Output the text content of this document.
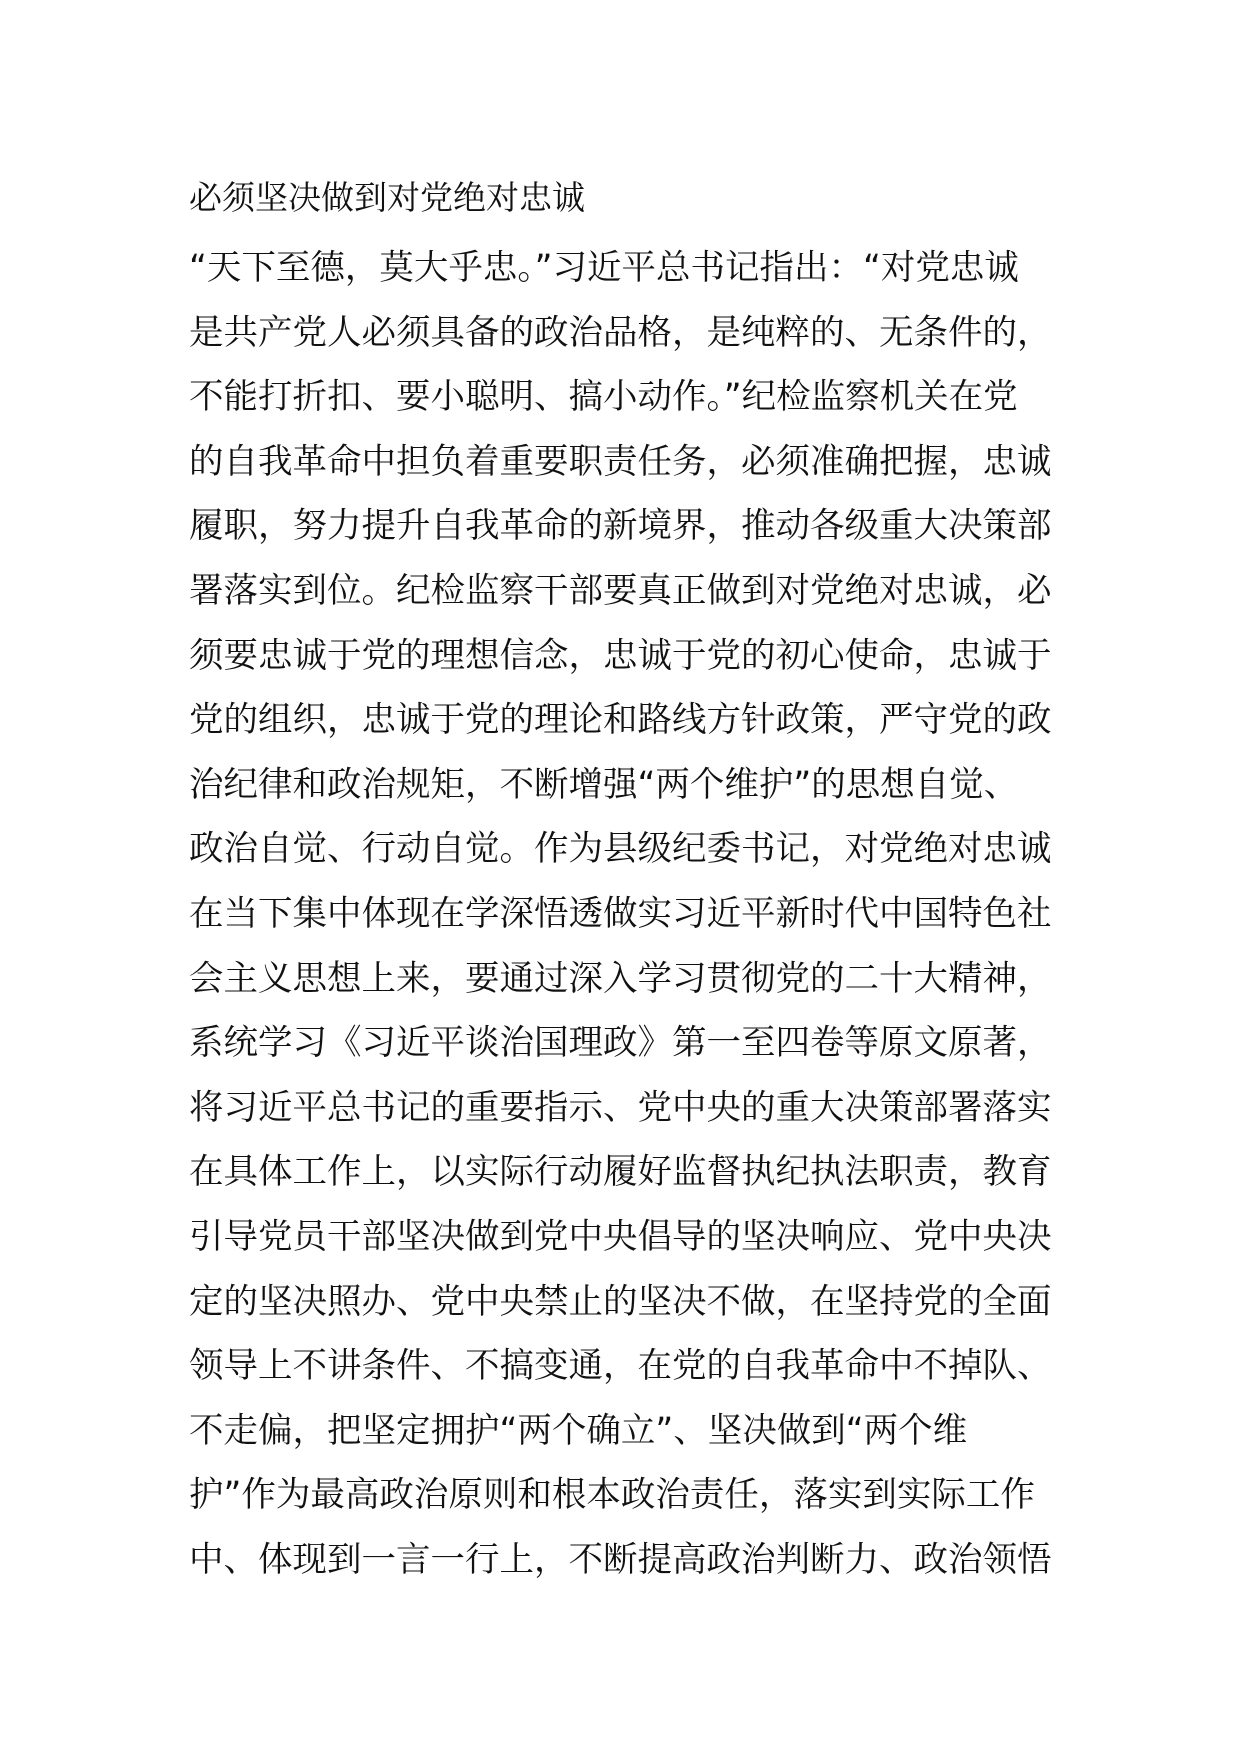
必须坚决做到对党绝对忠诚
“天下至德，莫大乎忠。”习近平总书记指出：“对党忠诚
是共产党人必须具备的政治品格，是纯粹的、无条件的，
不能打折扣、要小聪明、搞小动作。”纪检监察机关在党
的自我革命中担负着重要职责任务，必须准确把握，忠诚
履职，努力提升自我革命的新境界，推动各级重大决策部
署落实到位。纪检监察干部要真正做到对党绝对忠诚，必
须要忠诚于党的理想信念，忠诚于党的初心使命，忠诚于
党的组织，忠诚于党的理论和路线方针政策，严守党的政
治纪律和政治规矩，不断增强“两个维护”的思想自觉、
政治自觉、行动自觉。作为县级纪委书记，对党绝对忠诚
在当下集中体现在学深悟透做实习近平新时代中国特色社
会主义思想上来，要通过深入学习贯彻党的二十大精神，
系统学习《习近平谈治国理政》第一至四卷等原文原著，
将习近平总书记的重要指示、党中央的重大决策部署落实
在具体工作上，以实际行动履好监督执纪执法职责，教育
引导党员干部坚决做到党中央倡导的坚决响应、党中央决
定的坚决照办、党中央禁止的坚决不做，在坚持党的全面
领导上不讲条件、不搞变通，在党的自我革命中不掉队、
不走偏，把坚定拥护“两个确立”、坚决做到“两个维
护”作为最高政治原则和根本政治责任，落实到实际工作
中、体现到一言一行上，不断提高政治判断力、政治领悟
